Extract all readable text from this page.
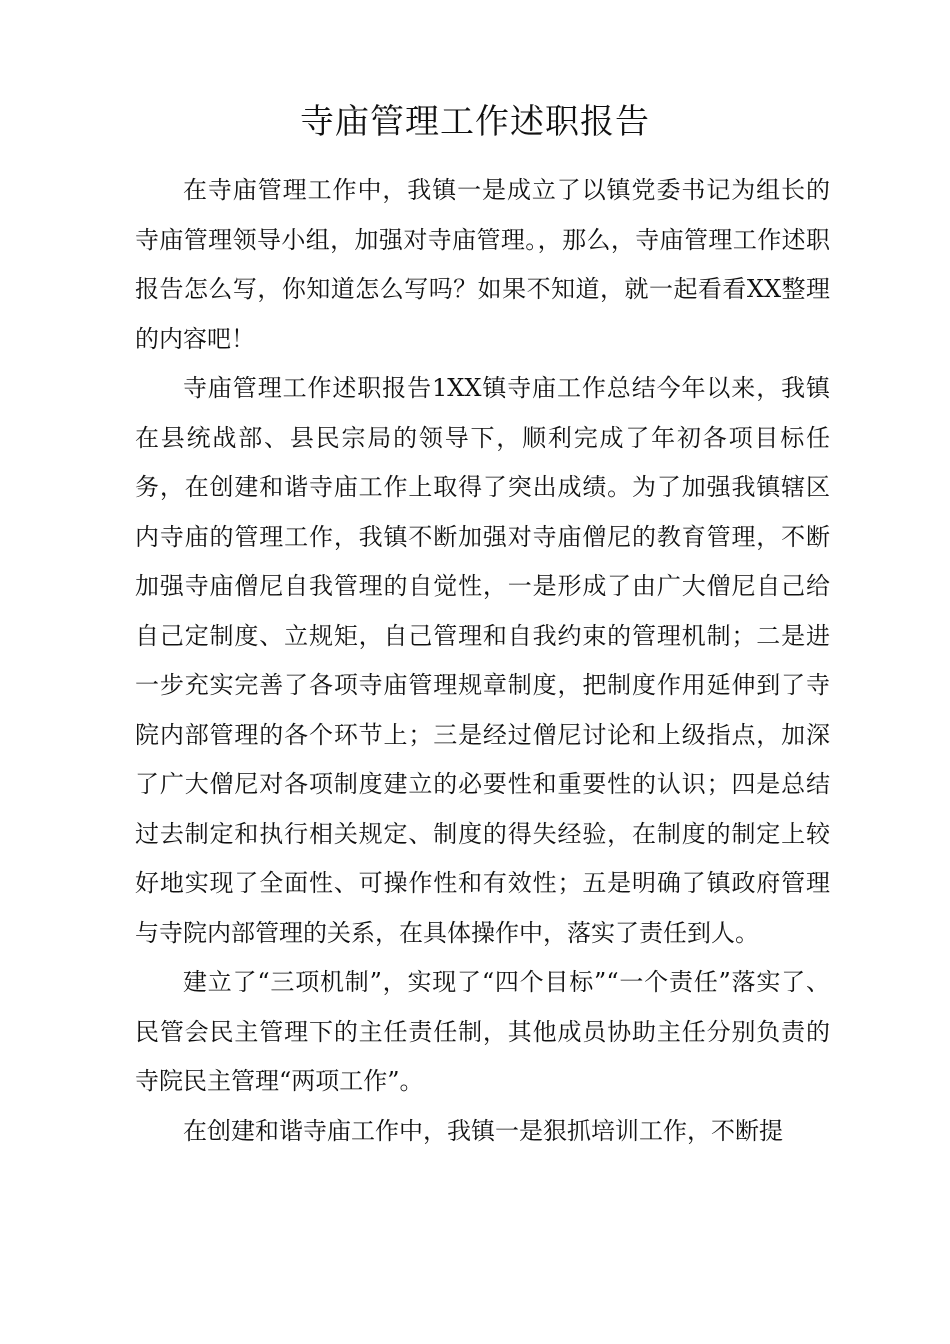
寺庙管理工作述职报告

在寺庙管理工作中，我镇一是成立了以镇党委书记为组长的寺庙管理领导小组，加强对寺庙管理。，那么，寺庙管理工作述职报告怎么写，你知道怎么写吗？如果不知道，就一起看看XX整理的内容吧！

寺庙管理工作述职报告1XX镇寺庙工作总结今年以来，我镇在县统战部、县民宗局的领导下，顺利完成了年初各项目标任务，在创建和谐寺庙工作上取得了突出成绩。为了加强我镇辖区内寺庙的管理工作，我镇不断加强对寺庙僧尼的教育管理，不断加强寺庙僧尼自我管理的自觉性，一是形成了由广大僧尼自己给自己定制度、立规矩，自己管理和自我约束的管理机制；二是进一步充实完善了各项寺庙管理规章制度，把制度作用延伸到了寺院内部管理的各个环节上；三是经过僧尼讨论和上级指点，加深了广大僧尼对各项制度建立的必要性和重要性的认识；四是总结过去制定和执行相关规定、制度的得失经验，在制度的制定上较好地实现了全面性、可操作性和有效性；五是明确了镇政府管理与寺院内部管理的关系，在具体操作中，落实了责任到人。

建立了“三项机制”，实现了“四个目标”“一个责任”落实了、民管会民主管理下的主任责任制，其他成员协助主任分别负责的寺院民主管理“两项工作”。

在创建和谐寺庙工作中，我镇一是狠抓培训工作，不断提
